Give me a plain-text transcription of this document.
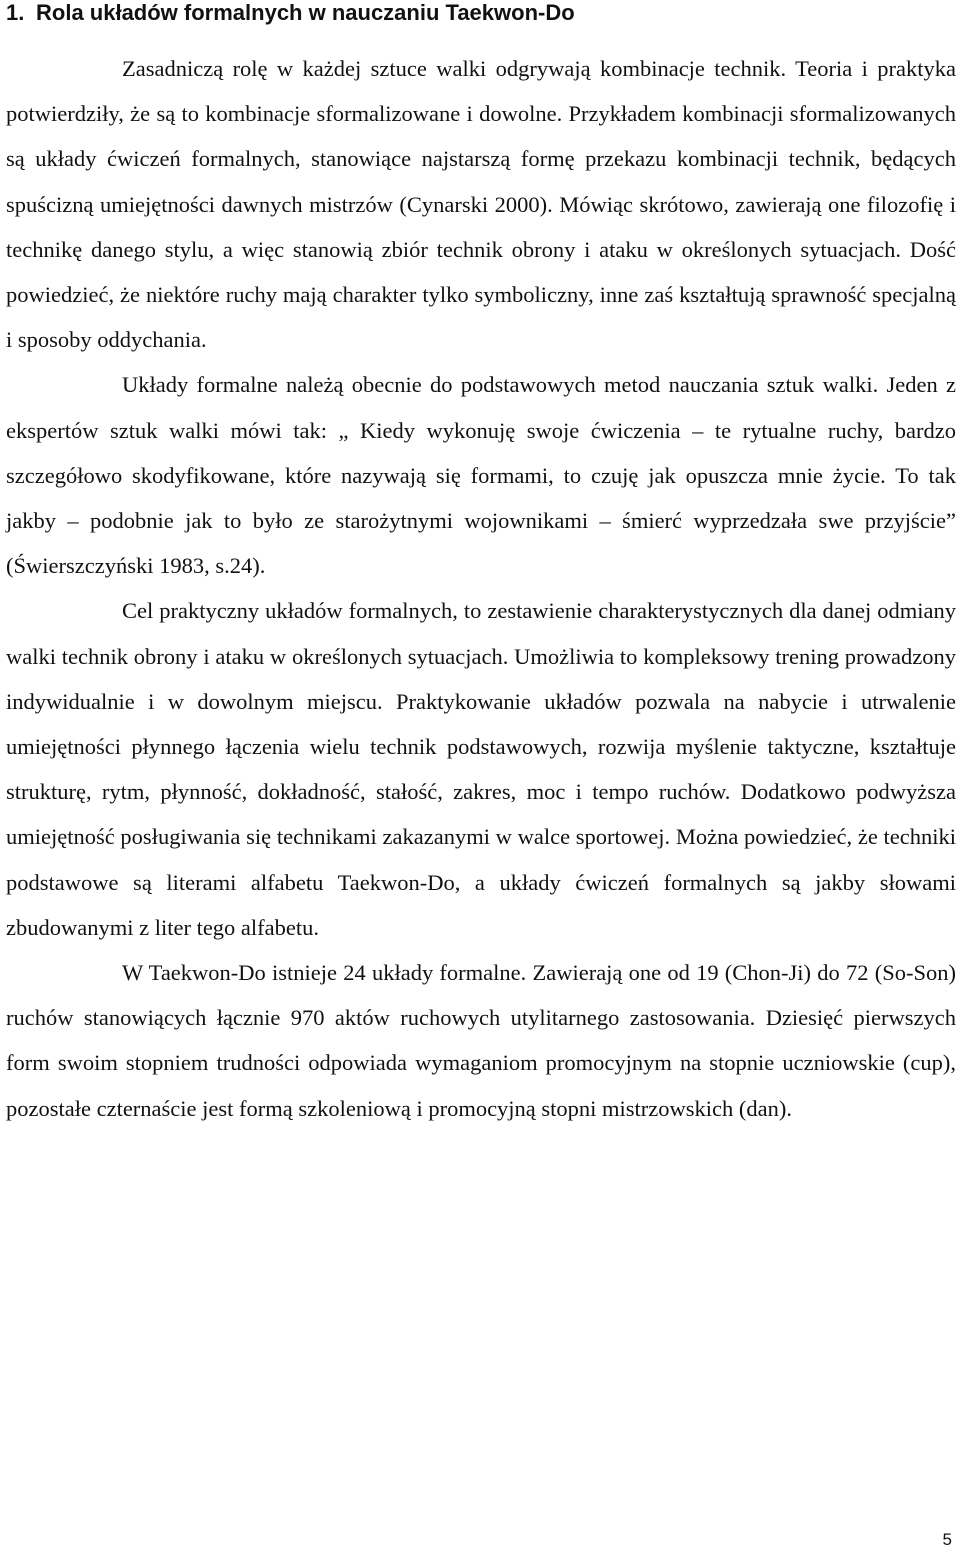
1. Rola układów formalnych w nauczaniu Taekwon-Do

Zasadniczą rolę w każdej sztuce walki odgrywają kombinacje technik. Teoria i praktyka potwierdziły, że są to kombinacje sformalizowane i dowolne. Przykładem kombinacji sformalizowanych są układy ćwiczeń formalnych, stanowiące najstarszą formę przekazu kombinacji technik, będących spuścizną umiejętności dawnych mistrzów (Cynarski 2000). Mówiąc skrótowo, zawierają one filozofię i technikę danego stylu, a więc stanowią zbiór technik obrony i ataku w określonych sytuacjach. Dość powiedzieć, że niektóre ruchy mają charakter tylko symboliczny, inne zaś kształtują sprawność specjalną i sposoby oddychania.

Układy formalne należą obecnie do podstawowych metod nauczania sztuk walki. Jeden z ekspertów sztuk walki mówi tak: „ Kiedy wykonuję swoje ćwiczenia – te rytualne ruchy, bardzo szczegółowo skodyfikowane, które nazywają się formami, to czuję jak opuszcza mnie życie. To tak jakby – podobnie jak to było ze starożytnymi wojownikami – śmierć wyprzedzała swe przyjście” (Świerszczyński 1983, s.24).

Cel praktyczny układów formalnych, to zestawienie charakterystycznych dla danej odmiany walki technik obrony i ataku w określonych sytuacjach. Umożliwia to kompleksowy trening prowadzony indywidualnie i w dowolnym miejscu. Praktykowanie układów pozwala na nabycie i utrwalenie umiejętności płynnego łączenia wielu technik podstawowych, rozwija myślenie taktyczne, kształtuje strukturę, rytm, płynność, dokładność, stałość, zakres, moc i tempo ruchów. Dodatkowo podwyższa umiejętność posługiwania się technikami zakazanymi w walce sportowej. Można powiedzieć, że techniki podstawowe są literami alfabetu Taekwon-Do, a układy ćwiczeń formalnych są jakby słowami zbudowanymi z liter tego alfabetu.

W Taekwon-Do istnieje 24 układy formalne. Zawierają one od 19 (Chon-Ji) do 72 (So-Son) ruchów stanowiących łącznie 970 aktów ruchowych utylitarnego zastosowania. Dziesięć pierwszych form swoim stopniem trudności odpowiada wymaganiom promocyjnym na stopnie uczniowskie (cup), pozostałe czternaście jest formą szkoleniową i promocyjną stopni mistrzowskich (dan).

5
